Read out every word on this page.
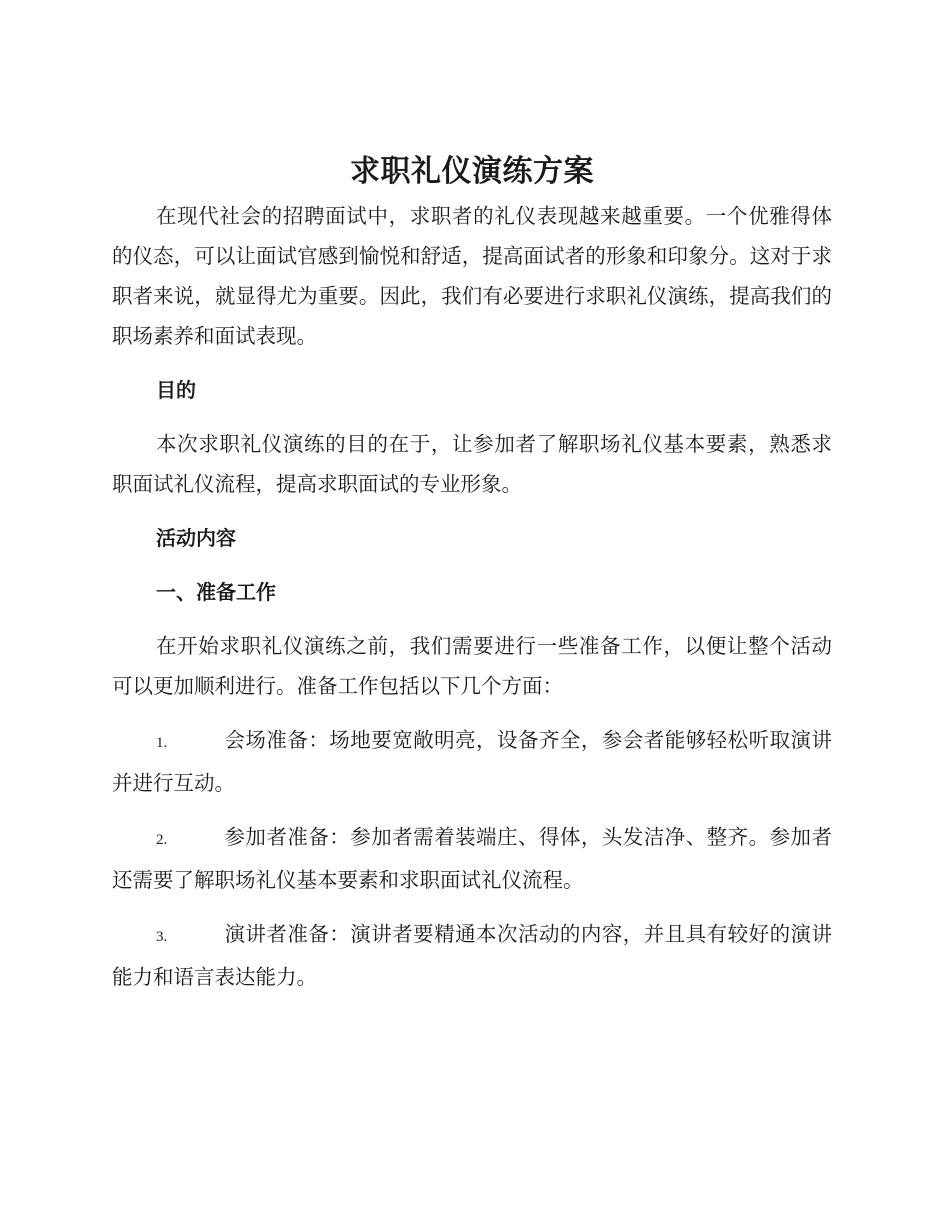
求职礼仪演练方案

在现代社会的招聘面试中，求职者的礼仪表现越来越重要。一个优雅得体的仪态，可以让面试官感到愉悦和舒适，提高面试者的形象和印象分。这对于求职者来说，就显得尤为重要。因此，我们有必要进行求职礼仪演练，提高我们的职场素养和面试表现。

目的

本次求职礼仪演练的目的在于，让参加者了解职场礼仪基本要素，熟悉求职面试礼仪流程，提高求职面试的专业形象。

活动内容
一、准备工作

在开始求职礼仪演练之前，我们需要进行一些准备工作，以便让整个活动可以更加顺利进行。准备工作包括以下几个方面：

1.	会场准备：场地要宽敞明亮，设备齐全，参会者能够轻松听取演讲并进行互动。

2.	参加者准备：参加者需着装端庄、得体，头发洁净、整齐。参加者还需要了解职场礼仪基本要素和求职面试礼仪流程。

3.	演讲者准备：演讲者要精通本次活动的内容，并且具有较好的演讲能力和语言表达能力。
